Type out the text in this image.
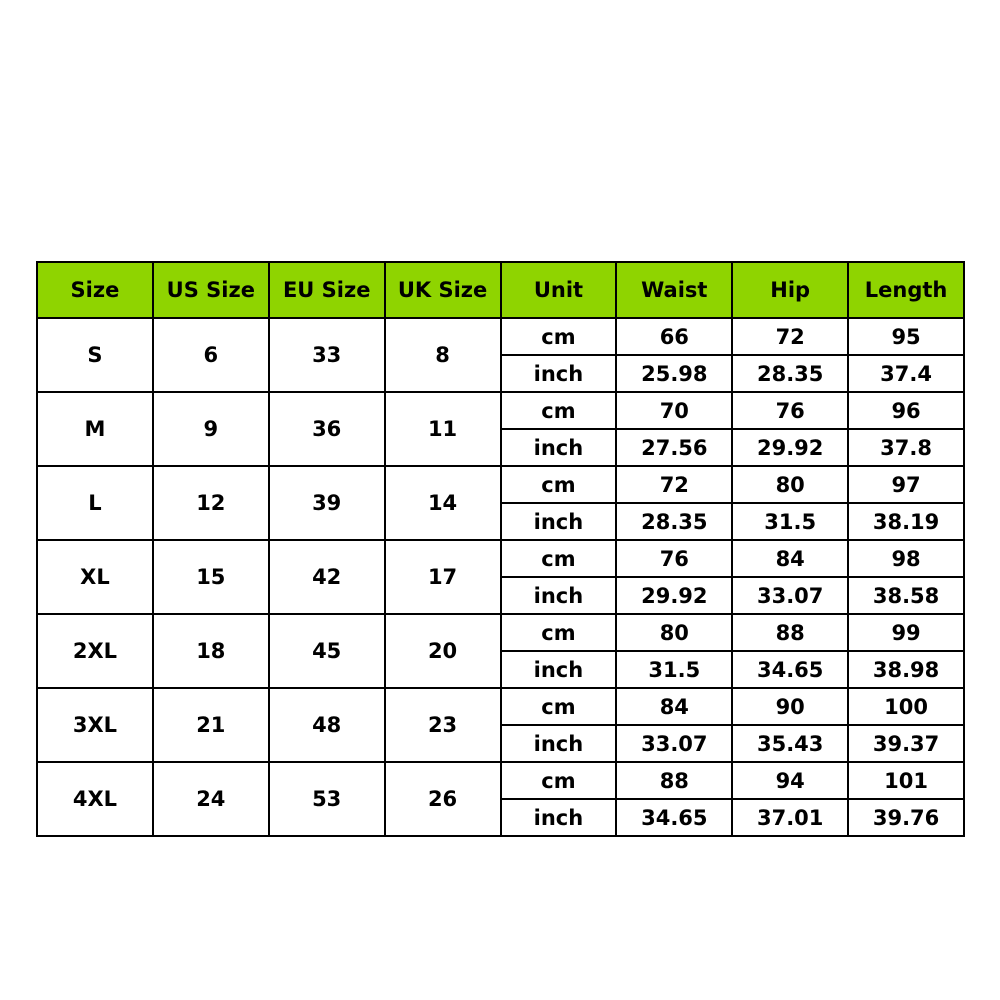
Size	US Size	EU Size	UK Size	Unit	Waist	Hip	Length
S	6	33	8	cm	66	72	95
				inch	25.98	28.35	37.4
M	9	36	11	cm	70	76	96
				inch	27.56	29.92	37.8
L	12	39	14	cm	72	80	97
				inch	28.35	31.5	38.19
XL	15	42	17	cm	76	84	98
				inch	29.92	33.07	38.58
2XL	18	45	20	cm	80	88	99
				inch	31.5	34.65	38.98
3XL	21	48	23	cm	84	90	100
				inch	33.07	35.43	39.37
4XL	24	53	26	cm	88	94	101
				inch	34.65	37.01	39.76
